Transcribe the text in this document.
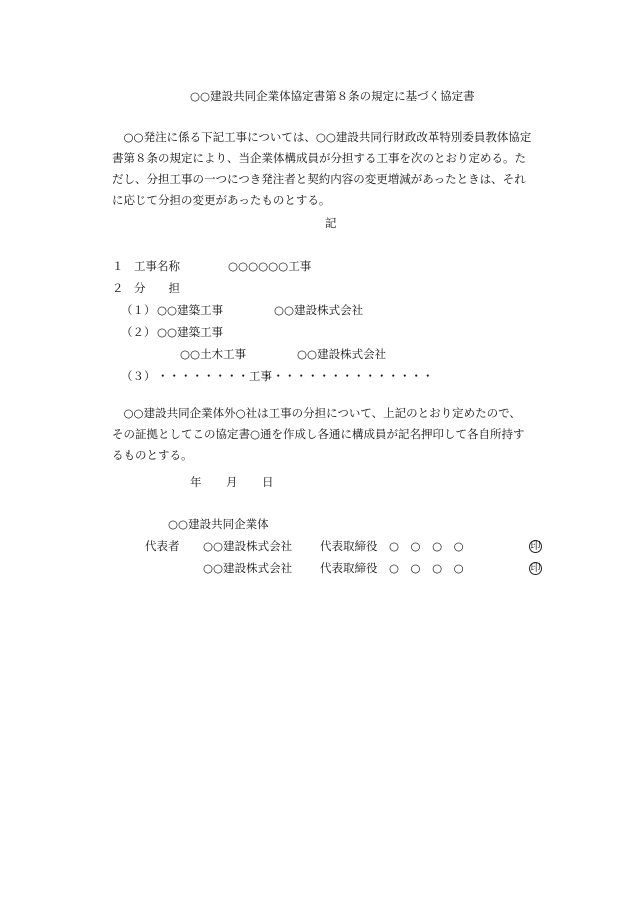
○○建設共同企業体協定書第８条の規定に基づく協定書
○○発注に係る下記工事については、○○建設共同行財政改革特別委員教体協定書第８条の規定により、当企業体構成員が分担する工事を次のとおり定める。ただし、分担工事の一つにつき発注者と契約内容の変更増減があったときは、それに応じて分担の変更があったものとする。
記
１ 工事名称	○○○○○○工事
２ 分　　担
（１） ○○建築工事	○○建設株式会社
（２） ○○建築工事
○○土木工事	○○建設株式会社
（３） ・・・・・・・・工事
・・・・・・・・・・・・・・・
○○建設共同企業体外○社は工事の分担について、上記のとおり定めたので、その証拠としてこの協定書○通を作成し各通に構成員が記名押印して各自所持するものとする。
年 月 日
○○建設共同企業体
代表者 ○○建設株式会社 代表取締役 ○　○　○　○	印
○○建設株式会社 代表取締役 ○　○　○　○	印
